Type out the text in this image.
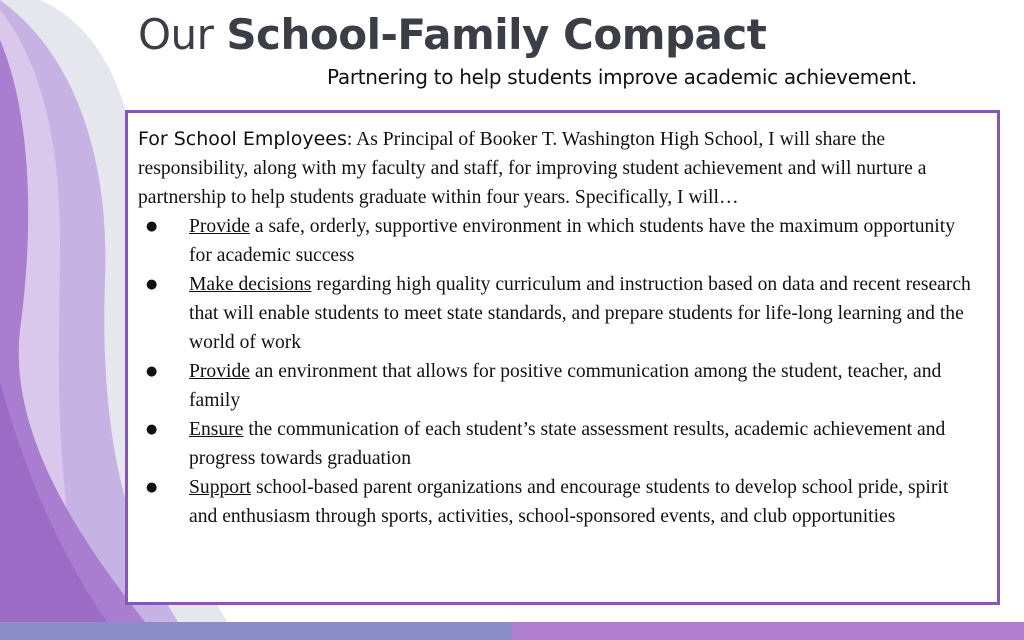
Our School-Family Compact
Partnering to help students improve academic achievement.

For School Employees: As Principal of Booker T. Washington High School, I will share the responsibility, along with my faculty and staff, for improving student achievement and will nurture a partnership to help students graduate within four years. Specifically, I will…

● Provide a safe, orderly, supportive environment in which students have the maximum opportunity for academic success
● Make decisions regarding high quality curriculum and instruction based on data and recent research that will enable students to meet state standards, and prepare students for life-long learning and the world of work
● Provide an environment that allows for positive communication among the student, teacher, and family
● Ensure the communication of each student’s state assessment results, academic achievement and progress towards graduation
● Support school-based parent organizations and encourage students to develop school pride, spirit and enthusiasm through sports, activities, school-sponsored events, and club opportunities
